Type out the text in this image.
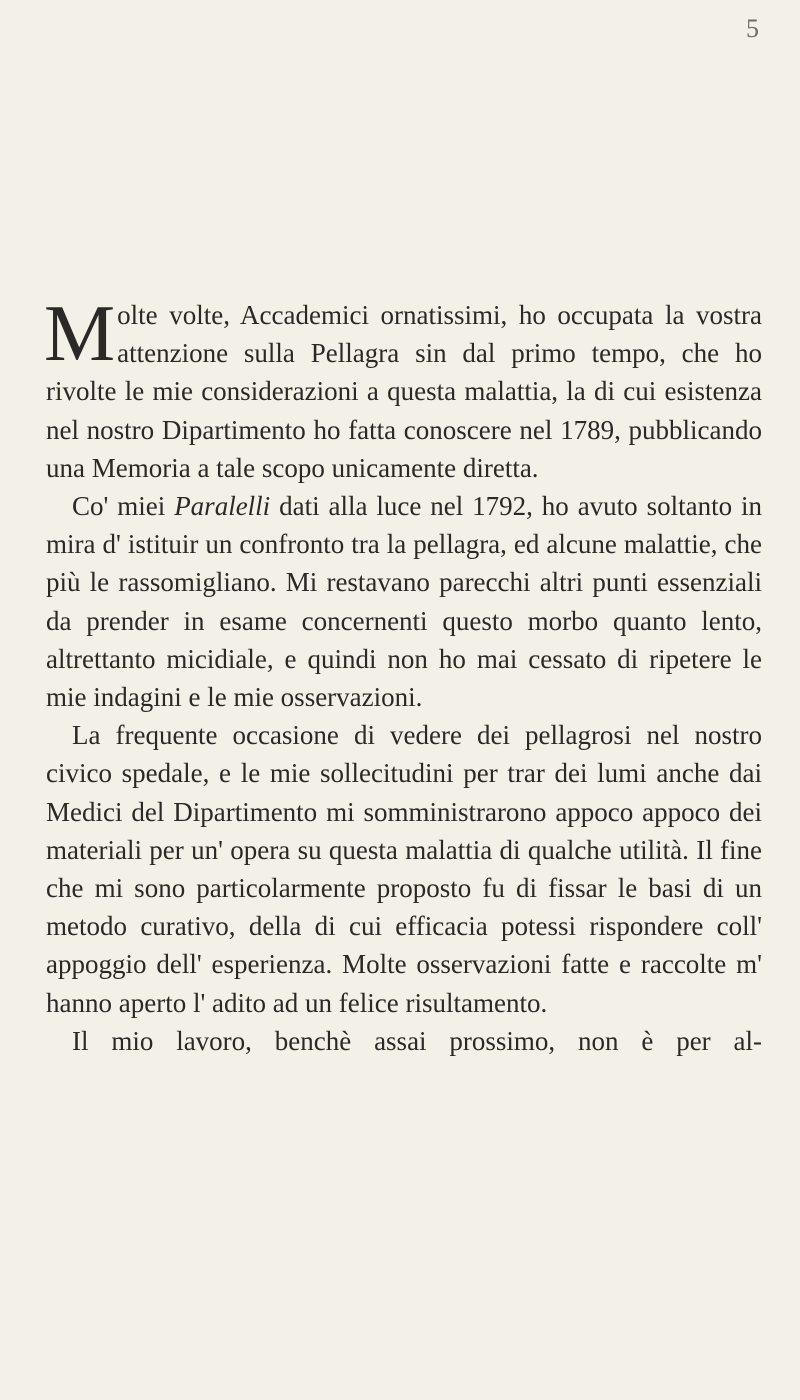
5

Molte volte, Accademici ornatissimi, ho occupata la vostra attenzione sulla Pellagra sin dal primo tempo, che ho rivolte le mie considerazioni a questa malattia, la di cui esistenza nel nostro Dipartimento ho fatta conoscere nel 1789, pubblicando una Memoria a tale scopo unicamente diretta.

Co' miei Paralelli dati alla luce nel 1792, ho avuto soltanto in mira d' istituir un confronto tra la pellagra, ed alcune malattie, che più le rassomigliano. Mi restavano parecchi altri punti essenziali da prender in esame concernenti questo morbo quanto lento, altrettanto micidiale, e quindi non ho mai cessato di ripetere le mie indagini e le mie osservazioni.

La frequente occasione di vedere dei pellagrosi nel nostro civico spedale, e le mie sollecitudini per trar dei lumi anche dai Medici del Dipartimento mi somministrarono appoco appoco dei materiali per un' opera su questa malattia di qualche utilità. Il fine che mi sono particolarmente proposto fu di fissar le basi di un metodo curativo, della di cui efficacia potessi rispondere coll' appoggio dell' esperienza. Molte osservazioni fatte e raccolte m' hanno aperto l' adito ad un felice risultamento.

Il mio lavoro, benchè assai prossimo, non è per al-
